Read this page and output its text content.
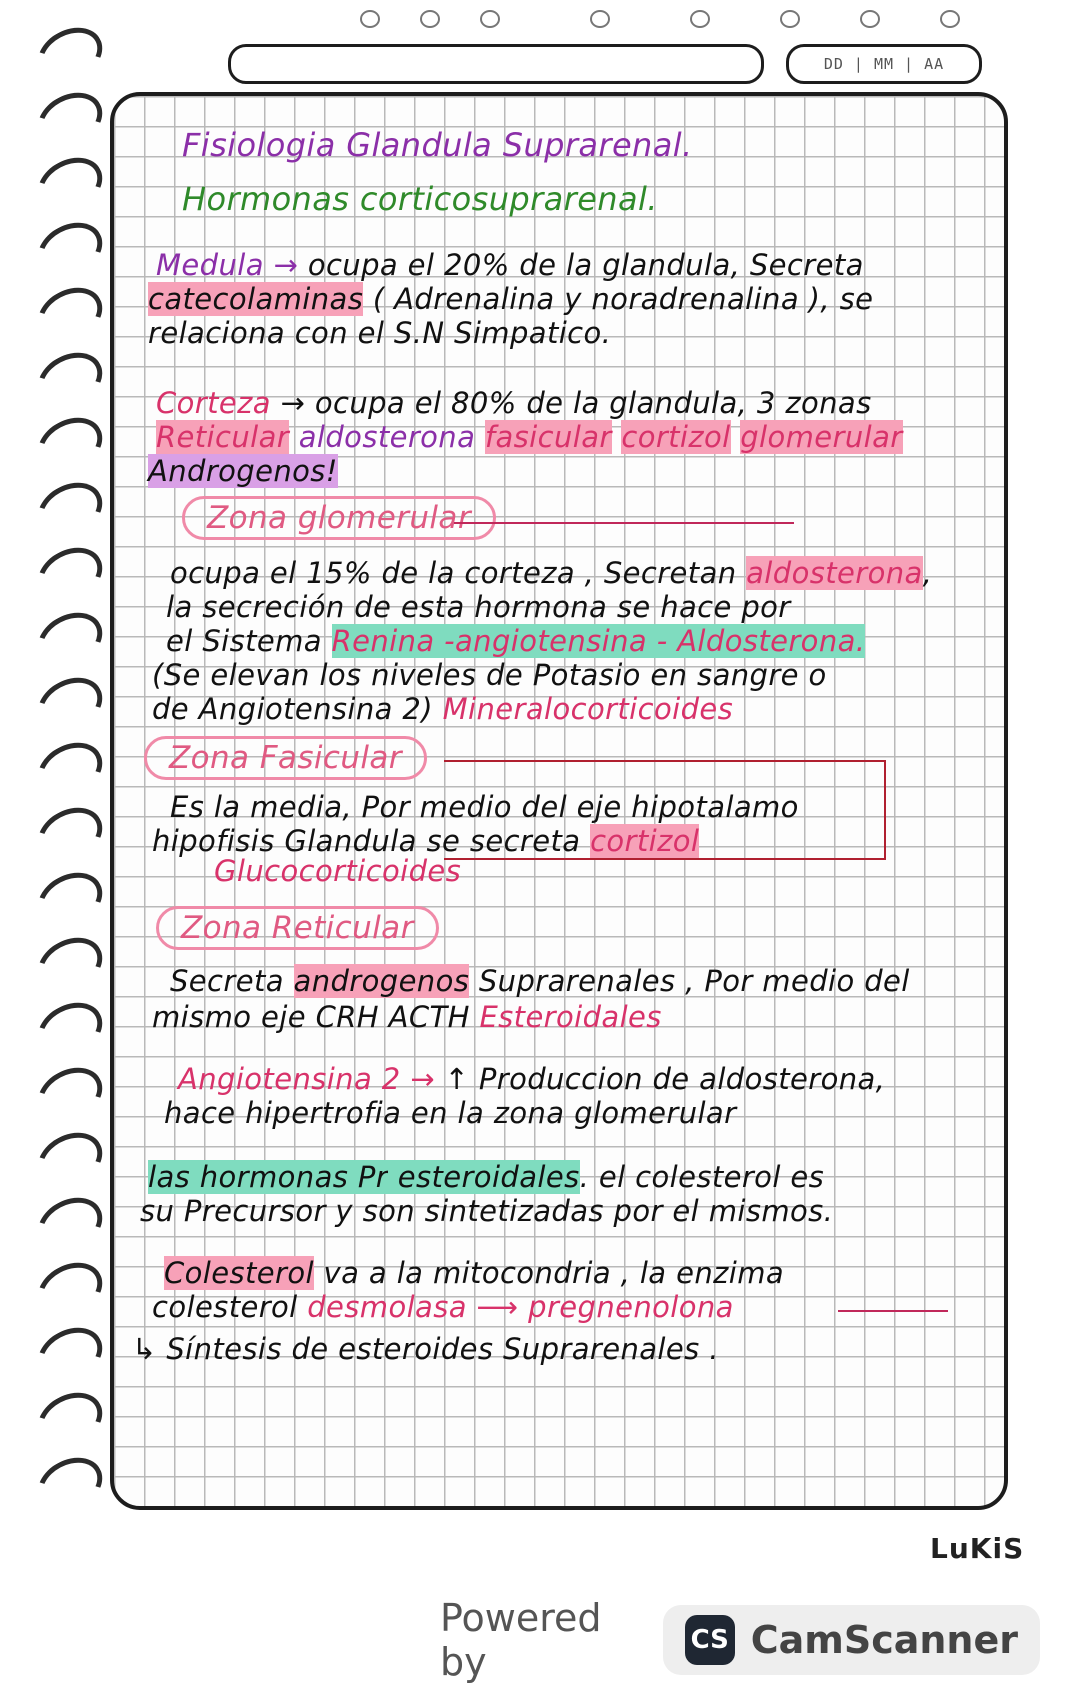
DD | MM | AA
Fisiologia Glandula Suprarenal.
Hormonas corticosuprarenal.
Medula → ocupa el 20% de la glandula, Secreta
catecolaminas ( Adrenalina y noradrenalina ), se
relaciona con el S.N Simpatico.
Corteza → ocupa el 80% de la glandula, 3 zonas
Reticular aldosterona fasicular cortizol glomerular
Androgenos!
Zona glomerular
ocupa el 15% de la corteza , Secretan aldosterona,
la secreción de esta hormona se hace por
el Sistema Renina -angiotensina - Aldosterona.
(Se elevan los niveles de Potasio en sangre o
de Angiotensina 2) Mineralocorticoides
Zona Fasicular
Es la media, Por medio del eje hipotalamo
hipofisis Glandula se secreta cortizol
Glucocorticoides
Zona Reticular
Secreta androgenos Suprarenales , Por medio del
mismo eje CRH ACTH Esteroidales
Angiotensina 2 → ↑ Produccion de aldosterona,
hace hipertrofia en la zona glomerular
las hormonas Pr esteroidales. el colesterol es
su Precursor y son sintetizadas por el mismos.
Colesterol va a la mitocondria , la enzima
colesterol desmolasa ⟶ pregnenolona
↳ Síntesis de esteroides Suprarenales .
LuKiS
Powered by	CS CamScanner
